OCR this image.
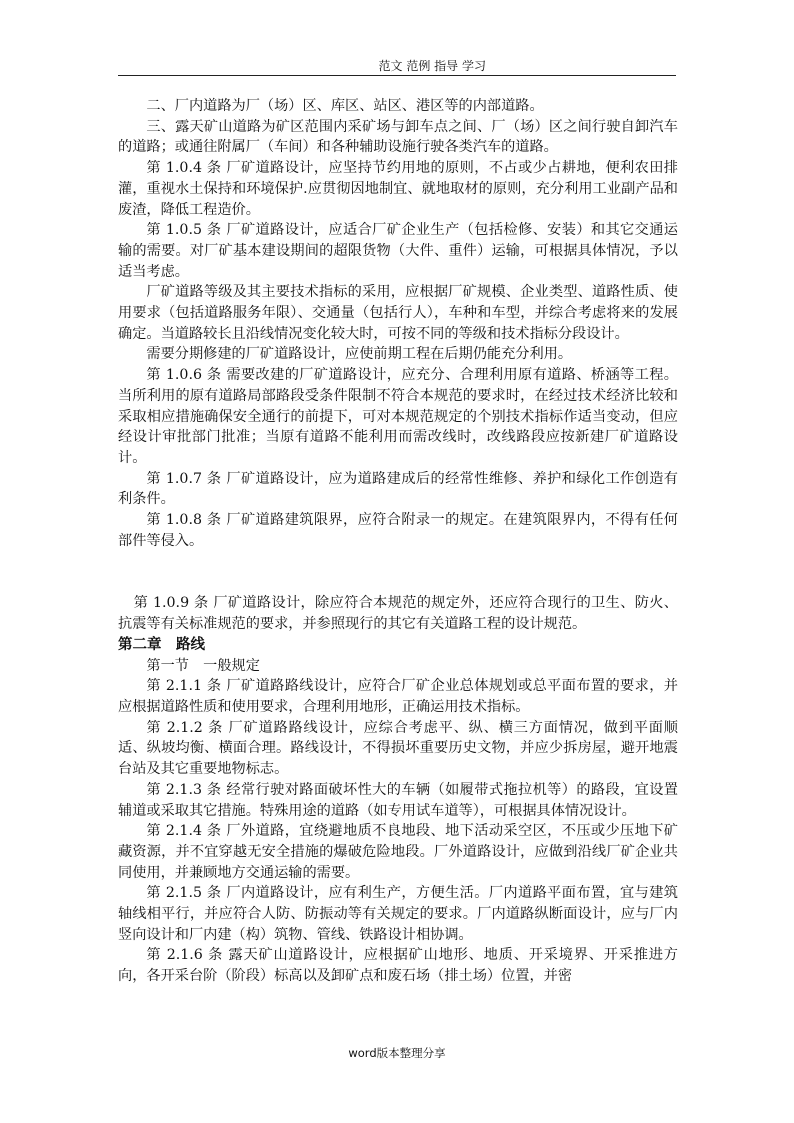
范文 范例 指导 学习

二、厂内道路为厂（场）区、库区、站区、港区等的内部道路。

三、露天矿山道路为矿区范围内采矿场与卸车点之间、厂（场）区之间行驶自卸汽车的道路；或通往附属厂（车间）和各种辅助设施行驶各类汽车的道路。

第 1.0.4 条 厂矿道路设计，应坚持节约用地的原则，不占或少占耕地，便利农田排灌，重视水土保持和环境保护.应贯彻因地制宜、就地取材的原则，充分利用工业副产品和废渣，降低工程造价。

第 1.0.5 条 厂矿道路设计，应适合厂矿企业生产（包括检修、安装）和其它交通运输的需要。对厂矿基本建设期间的超限货物（大件、重件）运输，可根据具体情况，予以适当考虑。

厂矿道路等级及其主要技术指标的采用，应根据厂矿规模、企业类型、道路性质、使用要求（包括道路服务年限）、交通量（包括行人），车种和车型，并综合考虑将来的发展确定。当道路较长且沿线情况变化较大时，可按不同的等级和技术指标分段设计。

需要分期修建的厂矿道路设计，应使前期工程在后期仍能充分利用。

第 1.0.6 条 需要改建的厂矿道路设计，应充分、合理利用原有道路、桥涵等工程。当所利用的原有道路局部路段受条件限制不符合本规范的要求时，在经过技术经济比较和采取相应措施确保安全通行的前提下，可对本规范规定的个别技术指标作适当变动，但应经设计审批部门批准；当原有道路不能利用而需改线时，改线路段应按新建厂矿道路设计。

第 1.0.7 条 厂矿道路设计，应为道路建成后的经常性维修、养护和绿化工作创造有利条件。

第 1.0.8 条 厂矿道路建筑限界，应符合附录一的规定。在建筑限界内，不得有任何部件等侵入。

第 1.0.9 条 厂矿道路设计，除应符合本规范的规定外，还应符合现行的卫生、防火、抗震等有关标准规范的要求，并参照现行的其它有关道路工程的设计规范。

第二章　路线

第一节　一般规定

第 2.1.1 条 厂矿道路路线设计，应符合厂矿企业总体规划或总平面布置的要求，并应根据道路性质和使用要求，合理利用地形，正确运用技术指标。

第 2.1.2 条 厂矿道路路线设计，应综合考虑平、纵、横三方面情况，做到平面顺适、纵坡均衡、横面合理。路线设计，不得损坏重要历史文物，并应少拆房屋，避开地震台站及其它重要地物标志。

第 2.1.3 条 经常行驶对路面破坏性大的车辆（如履带式拖拉机等）的路段，宜设置辅道或采取其它措施。特殊用途的道路（如专用试车道等），可根据具体情况设计。

第 2.1.4 条 厂外道路，宜绕避地质不良地段、地下活动采空区，不压或少压地下矿藏资源，并不宜穿越无安全措施的爆破危险地段。厂外道路设计，应做到沿线厂矿企业共同使用，并兼顾地方交通运输的需要。

第 2.1.5 条 厂内道路设计，应有利生产，方便生活。厂内道路平面布置，宜与建筑轴线相平行，并应符合人防、防振动等有关规定的要求。厂内道路纵断面设计，应与厂内竖向设计和厂内建（构）筑物、管线、铁路设计相协调。

第 2.1.6 条 露天矿山道路设计，应根据矿山地形、地质、开采境界、开采推进方向，各开采台阶（阶段）标高以及卸矿点和废石场（排土场）位置，并密

word版本整理分享
